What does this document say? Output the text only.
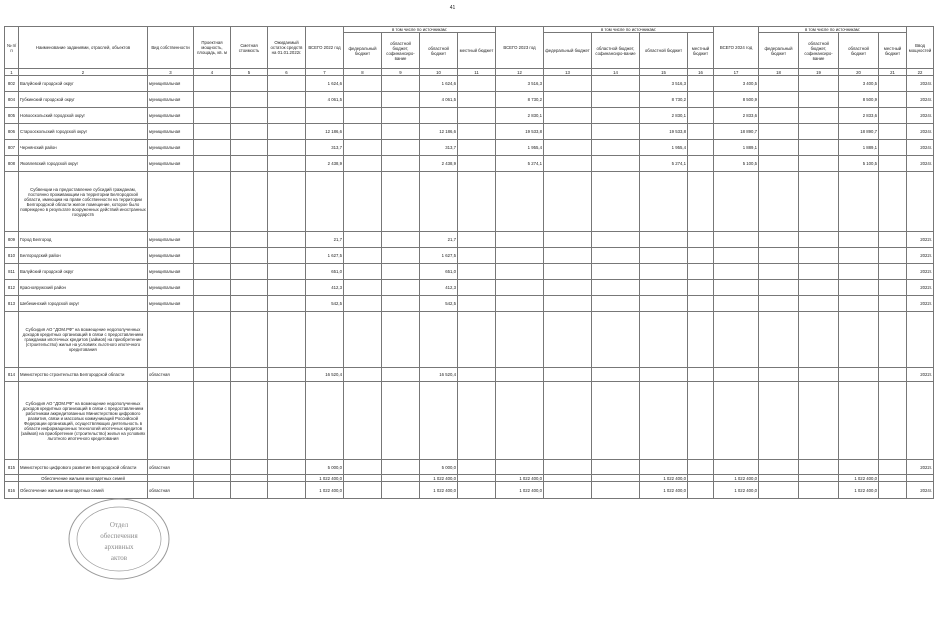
41
№ п/п	Наименование заданиями, отраслей, объектов	Вид собственности	Проектная мощность, площадь, кв. м	Сметная стоимость	Ожидаемый остаток средств на 01.01.2022г.	ВСЕГО 2022 год	в том числе по источникам:				ВСЕГО 2023 год	в том числе по источникам:				ВСЕГО 2024 год	в том числе по источникам:				Ввод мощностей
							федеральный бюджет	областной бюджет, софинансиро-вание	областной бюджет	местный бюджет		федеральный бюджет	областной бюджет, софинансиро-вание	областной бюджет	местный бюджет		федеральный бюджет	областной бюджет, софинансиро-вание	областной бюджет	местный бюджет	
1	2	3	4	5	6	7	8	9	10	11	12	13	14	15	16	17	18	19	20	21	22
802	Валуйский городской округ	муниципальная				1 624,6			1 624,6		3 516,3			3 516,3		3 400,5			3 400,5		2024г.
804	Губкинский городской округ	муниципальная				4 061,5			4 061,5		8 730,2			8 730,2		8 500,9			8 500,9		2024г.
805	Новооскольский городской округ	муниципальная									2 830,1			2 830,1		2 833,6			2 833,6		2024г.
806	Старооскольский городской округ	муниципальная				12 186,6			12 186,6		19 533,8			19 533,8		18 890,7			18 890,7		2024г.
807	Чернянский район	муниципальная				313,7			313,7		1 955,4			1 955,4		1 889,1			1 889,1		2024г.
808	Яковлевский городской округ	муниципальная				2 438,9			2 438,9		5 274,1			5 274,1		5 100,5			5 100,5		2024г.
	Субвенции на предоставление субсидий гражданам, постоянно проживающим на территории Белгородской области, имеющим на праве собственности на территории Белгородской области жилое помещение, которое было повреждено в результате вооруженных действий иностранных государств																				
809	Город Белгород	муниципальная				21,7			21,7												2022г.
810	Белгородский район	муниципальная				1 627,5			1 627,5												2022г.
811	Валуйский городской округ	муниципальная				651,0			651,0												2022г.
812	Краснояружский район	муниципальная				412,3			412,3												2022г.
813	Шебекинский городской округ	муниципальная				542,5			542,5												2022г.
	Субсидия АО "ДОМ.РФ" на возмещение недополученных доходов кредитных организаций в связи с предоставлением гражданам ипотечных кредитов (займов) на приобретение (строительство) жилья на условиях льготного ипотечного кредитования																				
814	Министерство строительства Белгородской области	областная				16 520,4			16 520,4												2022г.
	Субсидия АО "ДОМ.РФ" на возмещение недополученных доходов кредитных организаций в связи с предоставлением работникам аккредитованных Министерством цифрового развития, связи и массовых коммуникаций Российской Федерации организаций, осуществляющих деятельность в области информационных технологий ипотечных кредитов (займов) на приобретение (строительство) жилья на условиях льготного ипотечного кредитования																				
815	Министерство цифрового развития Белгородской области	областная				5 000,0			5 000,0												2022г.
	Обеспечение жильем многодетных семей					1 022 400,0			1 022 400,0		1 022 400,0			1 022 400,0		1 022 400,0			1 022 400,0		
816	Обеспечение жильем многодетных семей	областная				1 022 400,0			1 022 400,0		1 022 400,0			1 022 400,0		1 022 400,0			1 022 400,0		2024г.
Отдел
обеспечения
архивных
актов
